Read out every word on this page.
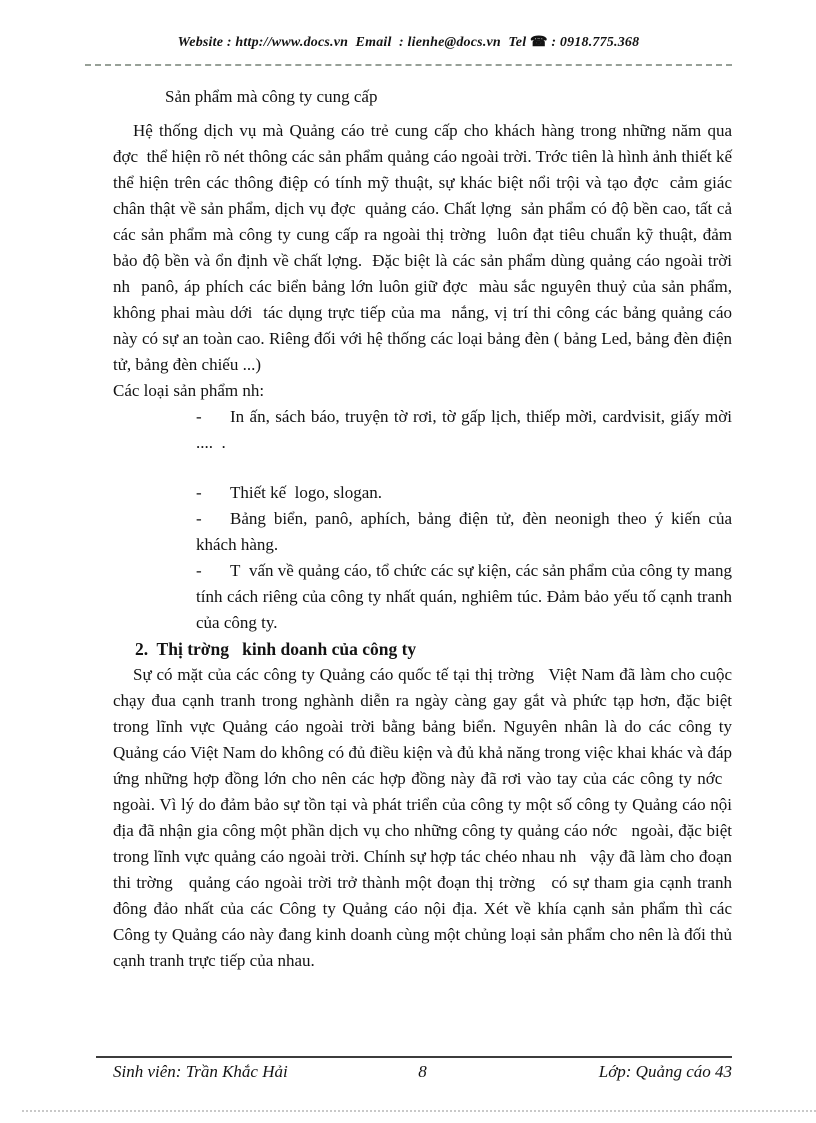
Website : http://www.docs.vn  Email  : lienhe@docs.vn  Tel ☎ : 0918.775.368

Sản phẩm mà công ty cung cấp

Hệ thống dịch vụ mà Quảng cáo trẻ cung cấp cho khách hàng trong những năm qua đợc  thể hiện rõ nét thông các sản phẩm quảng cáo ngoài trời. Trớc tiên là hình ảnh thiết kế thể hiện trên các thông điệp có tính mỹ thuật, sự khác biệt nổi trội và tạo đợc  cảm giác chân thật về sản phẩm, dịch vụ đợc  quảng cáo. Chất lợng  sản phẩm có độ bền cao, tất cả các sản phẩm mà công ty cung cấp ra ngoài thị trờng  luôn đạt tiêu chuẩn kỹ thuật, đảm bảo độ bền và ổn định về chất lợng.  Đặc biệt là các sản phẩm dùng quảng cáo ngoài trời nh  panô, áp phích các biển bảng lớn luôn giữ đợc  màu sắc nguyên thuỷ của sản phẩm, không phai màu dới  tác dụng trực tiếp của ma  nắng, vị trí thi công các bảng quảng cáo này có sự an toàn cao. Riêng đối với hệ thống các loại bảng đèn ( bảng Led, bảng đèn điện tử, bảng đèn chiếu ...)

Các loại sản phẩm nh:

- In ấn, sách báo, truyện tờ rơi, tờ gấp lịch, thiếp mời, cardvisit, giấy mời ....  .
- Thiết kế  logo, slogan.
- Bảng biển, panô, aphích, bảng điện tử, đèn neonigh theo ý kiến của khách hàng.
- T  vấn về quảng cáo, tổ chức các sự kiện, các sản phẩm của công ty mang tính cách riêng của công ty nhất quán, nghiêm túc. Đảm bảo yếu tố cạnh tranh của công ty.

2.  Thị trờng   kinh doanh của công ty

Sự có mặt của các công ty Quảng cáo quốc tế tại thị trờng   Việt Nam đã làm cho cuộc chạy đua cạnh tranh trong nghành diễn ra ngày càng gay gắt và phức tạp hơn, đặc biệt trong lĩnh vực Quảng cáo ngoài trời bằng bảng biển. Nguyên nhân là do các công ty Quảng cáo Việt Nam do không có đủ điều kiện và đủ khả năng trong việc khai khác và đáp ứng những hợp đồng lớn cho nên các hợp đồng này đã rơi vào tay của các công ty nớc   ngoài. Vì lý do đảm bảo sự tồn tại và phát triển của công ty một số công ty Quảng cáo nội địa đã nhận gia công một phần dịch vụ cho những công ty quảng cáo nớc   ngoài, đặc biệt trong lĩnh vực quảng cáo ngoài trời. Chính sự hợp tác chéo nhau nh   vậy đã làm cho đoạn thi trờng   quảng cáo ngoài trời trở thành một đoạn thị trờng   có sự tham gia cạnh tranh đông đảo nhất của các Công ty Quảng cáo nội địa. Xét về khía cạnh sản phẩm thì các Công ty Quảng cáo này đang kinh doanh cùng một chủng loại sản phẩm cho nên là đối thủ cạnh tranh trực tiếp của nhau.

Sinh viên: Trần Khắc Hải	8	Lớp: Quảng cáo 43
